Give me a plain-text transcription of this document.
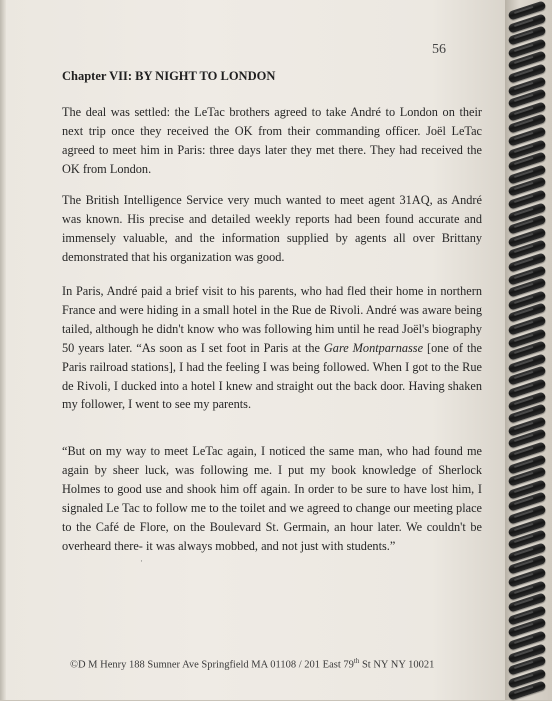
56
Chapter VII: BY NIGHT TO LONDON

The deal was settled: the LeTac brothers agreed to take André to London on their next trip once they received the OK from their commanding officer. Joël LeTac agreed to meet him in Paris: three days later they met there. They had received the OK from London.

The British Intelligence Service very much wanted to meet agent 31AQ, as André was known. His precise and detailed weekly reports had been found accurate and immensely valuable, and the information supplied by agents all over Brittany demonstrated that his organization was good.

In Paris, André paid a brief visit to his parents, who had fled their home in northern France and were hiding in a small hotel in the Rue de Rivoli. André was aware being tailed, although he didn't know who was following him until he read Joël's biography 50 years later. “As soon as I set foot in Paris at the Gare Montparnasse [one of the Paris railroad stations], I had the feeling I was being followed. When I got to the Rue de Rivoli, I ducked into a hotel I knew and straight out the back door. Having shaken my follower, I went to see my parents.

“But on my way to meet LeTac again, I noticed the same man, who had found me again by sheer luck, was following me. I put my book knowledge of Sherlock Holmes to good use and shook him off again. In order to be sure to have lost him, I signaled Le Tac to follow me to the toilet and we agreed to change our meeting place to the Café de Flore, on the Boulevard St. Germain, an hour later. We couldn't be overheard there- it was always mobbed, and not just with students.”

·
©D M Henry 188 Sumner Ave Springfield MA 01108 / 201 East 79th St NY NY 10021
